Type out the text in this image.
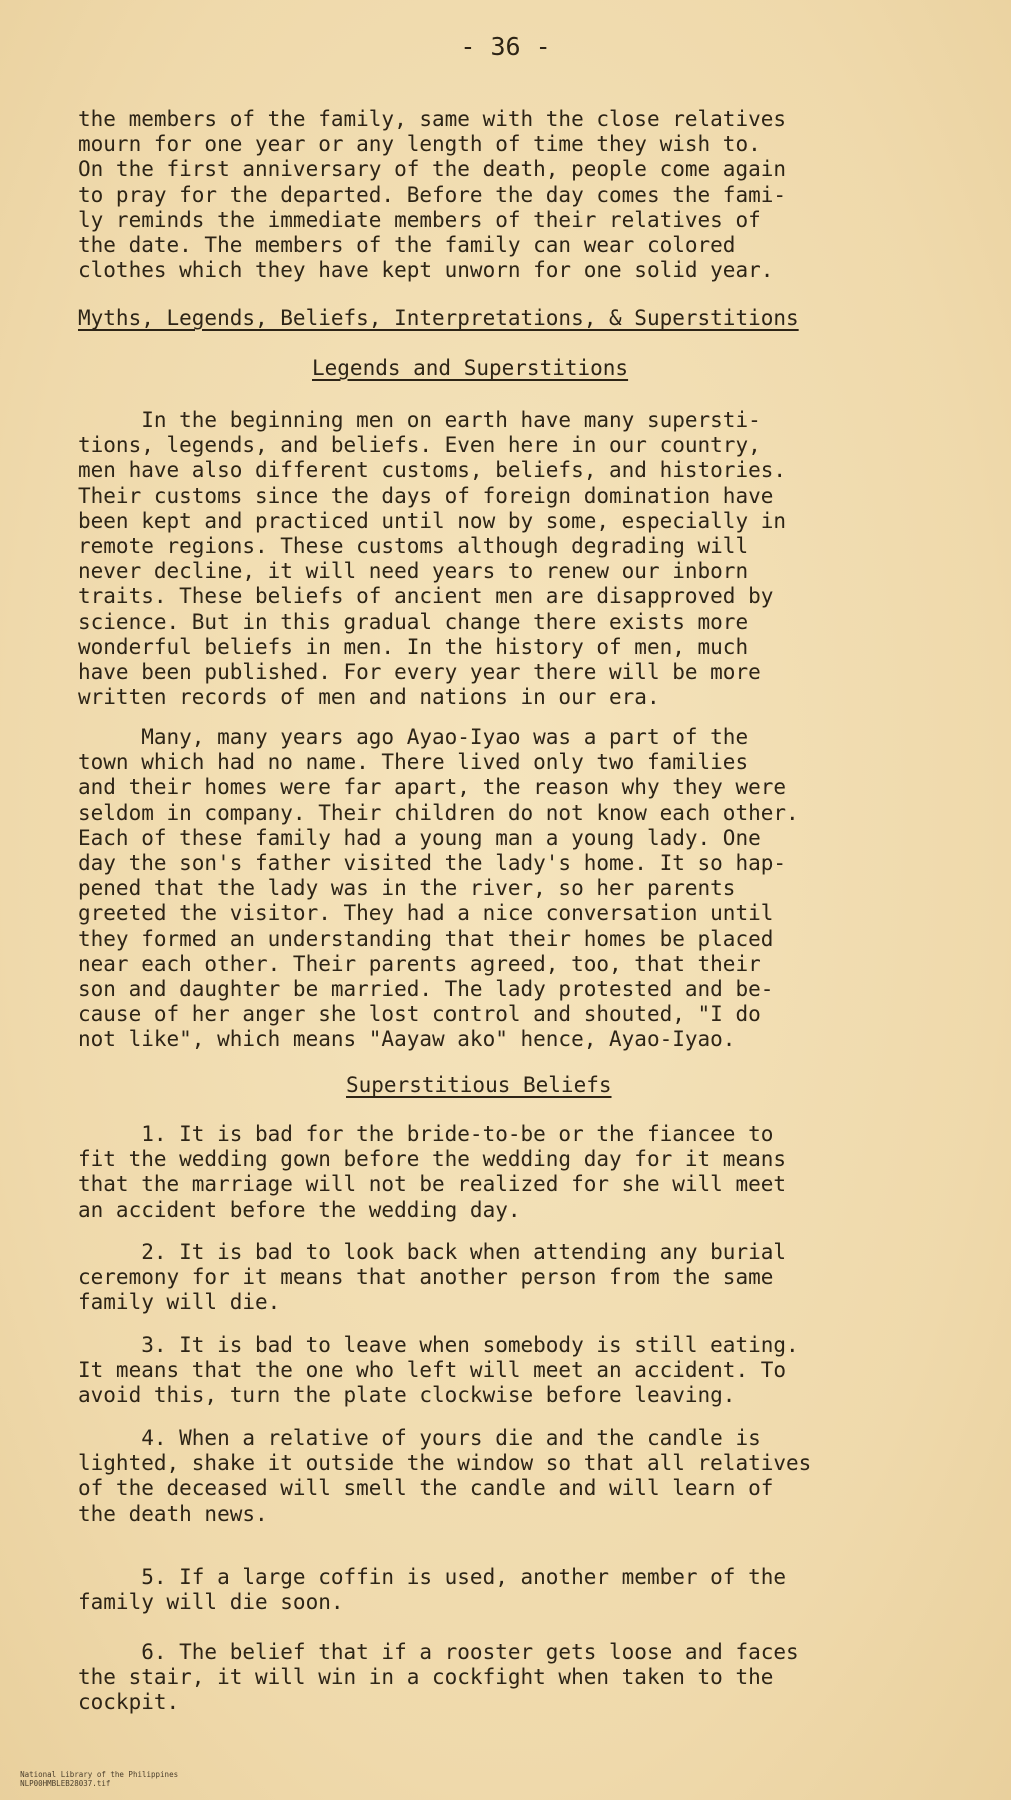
- 36 -

the members of the family, same with the close relatives

mourn for one year or any length of time they wish to.

On the first anniversary of the death, people come again

to pray for the departed. Before the day comes the fami-

ly reminds the immediate members of their relatives of

the date. The members of the family can wear colored

clothes which they have kept unworn for one solid year.

Myths, Legends, Beliefs, Interpretations, & Superstitions
Legends and Superstitions

In the beginning men on earth have many supersti-

tions, legends, and beliefs. Even here in our country,

men have also different customs, beliefs, and histories.

Their customs since the days of foreign domination have

been kept and practiced until now by some, especially in

remote regions. These customs although degrading will

never decline, it will need years to renew our inborn

traits. These beliefs of ancient men are disapproved by

science. But in this gradual change there exists more

wonderful beliefs in men. In the history of men, much

have been published. For every year there will be more

written records of men and nations in our era.

Many, many years ago Ayao-Iyao was a part of the

town which had no name. There lived only two families

and their homes were far apart, the reason why they were

seldom in company. Their children do not know each other.

Each of these family had a young man a young lady. One

day the son's father visited the lady's home. It so hap-

pened that the lady was in the river, so her parents

greeted the visitor. They had a nice conversation until

they formed an understanding that their homes be placed

near each other. Their parents agreed, too, that their

son and daughter be married. The lady protested and be-

cause of her anger she lost control and shouted, "I do

not like", which means "Aayaw ako" hence, Ayao-Iyao.

Superstitious Beliefs

1. It is bad for the bride-to-be or the fiancee to

fit the wedding gown before the wedding day for it means

that the marriage will not be realized for she will meet

an accident before the wedding day.

2. It is bad to look back when attending any burial

ceremony for it means that another person from the same

family will die.

3. It is bad to leave when somebody is still eating.

It means that the one who left will meet an accident. To

avoid this, turn the plate clockwise before leaving.

4. When a relative of yours die and the candle is

lighted, shake it outside the window so that all relatives

of the deceased will smell the candle and will learn of

the death news.

5. If a large coffin is used, another member of the

family will die soon.

6. The belief that if a rooster gets loose and faces

the stair, it will win in a cockfight when taken to the

cockpit.

National Library of the Philippines
NLP00HMBLEB28037.tif
